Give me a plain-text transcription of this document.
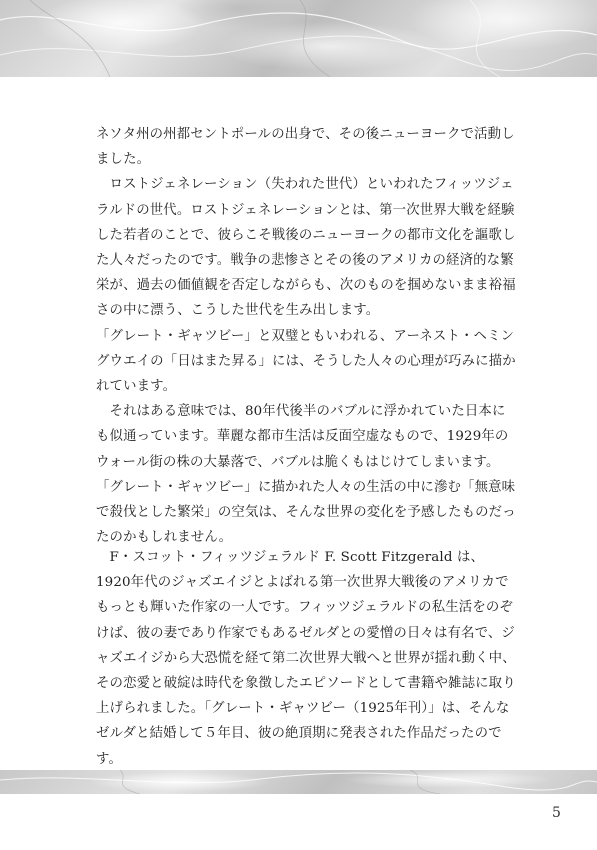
ネソタ州の州都セントポールの出身で、その後ニューヨークで活動しました。

　ロストジェネレーション（失われた世代）といわれたフィッツジェラルドの世代。ロストジェネレーションとは、第一次世界大戦を経験した若者のことで、彼らこそ戦後のニューヨークの都市文化を謳歌した人々だったのです。戦争の悲惨さとその後のアメリカの経済的な繁栄が、過去の価値観を否定しながらも、次のものを掴めないまま裕福さの中に漂う、こうした世代を生み出します。

「グレート・ギャツビー」と双璧ともいわれる、アーネスト・ヘミングウエイの「日はまた昇る」には、そうした人々の心理が巧みに描かれています。

　それはある意味では、80年代後半のバブルに浮かれていた日本にも似通っています。華麗な都市生活は反面空虚なもので、1929年のウォール街の株の大暴落で、バブルは脆くもはじけてしまいます。

「グレート・ギャツビー」に描かれた人々の生活の中に滲む「無意味で殺伐とした繁栄」の空気は、そんな世界の変化を予感したものだったのかもしれません。

　F・スコット・フィッツジェラルド F. Scott Fitzgerald は、1920年代のジャズエイジとよばれる第一次世界大戦後のアメリカでもっとも輝いた作家の一人です。フィッツジェラルドの私生活をのぞけば、彼の妻であり作家でもあるゼルダとの愛憎の日々は有名で、ジャズエイジから大恐慌を経て第二次世界大戦へと世界が揺れ動く中、その恋愛と破綻は時代を象徴したエピソードとして書籍や雑誌に取り上げられました。「グレート・ギャツビー（1925年刊）」は、そんなゼルダと結婚して５年目、彼の絶頂期に発表された作品だったのです。

5
